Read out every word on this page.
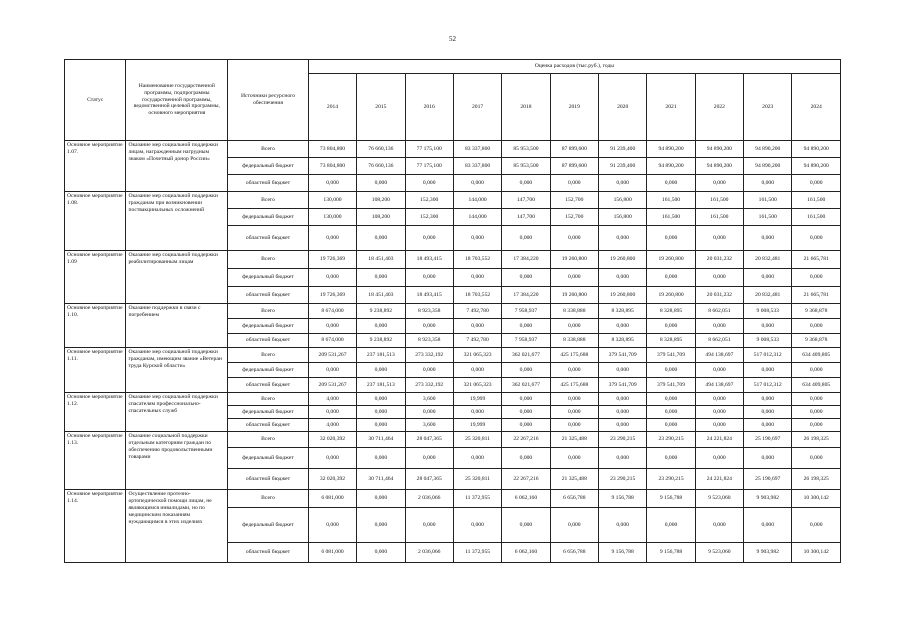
52
Статус	Наименование государственной программы, подпрограммы государственной программы, ведомственной целевой программы, основного мероприятия	Источники ресурсного обеспечения	Оценка расходов (тыс.руб.), годы										
			2014	2015	2016	2017	2018	2019	2020	2021	2022	2023	2024
Основное мероприятие 1.07.	Оказание мер социальной поддержки лицам, награжденным нагрудным знаком «Почетный донор России»	Всего	73 804,800	76 660,136	77 175,100	83 337,800	85 953,500	87 899,600	91 239,400	94 890,200	94 890,200	94 890,200	94 890,200
		федеральный бюджет	73 804,800	76 660,136	77 175,100	83 337,800	85 953,500	87 899,600	91 239,400	94 890,200	94 890,200	94 890,200	94 890,200
		областной бюджет	0,000	0,000	0,000	0,000	0,000	0,000	0,000	0,000	0,000	0,000	0,000
Основное мероприятие 1.08.	Оказание мер социальной поддержки гражданам при возникновении поствакцинальных осложнений	Всего	130,000	108,200	152,300	144,000	147,700	152,700	156,800	161,500	161,500	161,500	161,500
		федеральный бюджет	130,000	108,200	152,300	144,000	147,700	152,700	156,800	161,500	161,500	161,500	161,500
		областной бюджет	0,000	0,000	0,000	0,000	0,000	0,000	0,000	0,000	0,000	0,000	0,000
Основное мероприятие 1.09	Оказание мер социальной поддержки реабилитированным лицам	Всего	19 726,369	18 451,403	18 493,415	18 703,552	17 384,220	19 260,800	19 260,800	19 260,800	20 031,232	20 832,481	21 665,781
		федеральный бюджет	0,000	0,000	0,000	0,000	0,000	0,000	0,000	0,000	0,000	0,000	0,000
		областной бюджет	19 726,369	18 451,403	18 493,415	18 703,552	17 384,220	19 260,800	19 260,800	19 260,800	20 031,232	20 832,481	21 665,781
Основное мероприятие 1.10.	Оказание поддержки в связи с погребением	Всего	8 674,000	9 238,892	8 923,358	7 492,780	7 958,937	8 338,888	8 328,895	8 328,895	8 662,051	9 008,533	9 368,878
		федеральный бюджет	0,000	0,000	0,000	0,000	0,000	0,000	0,000	0,000	0,000	0,000	0,000
		областной бюджет	8 674,000	9 238,892	8 923,358	7 492,780	7 958,937	8 338,888	8 328,895	8 328,895	8 662,051	9 008,533	9 368,878
Основное мероприятие 1.11.	Оказание мер социальной поддержки гражданам, имеющим звание «Ветеран труда Курской области»	Всего	209 531,267	237 181,513	273 332,192	321 065,323	362 021,677	425 175,688	379 541,709	379 541,709	494 138,697	517 012,312	634 409,805
		федеральный бюджет	0,000	0,000	0,000	0,000	0,000	0,000	0,000	0,000	0,000	0,000	0,000
		областной бюджет	209 531,267	237 181,513	273 332,192	321 065,323	362 021,677	425 175,688	379 541,709	379 541,709	494 138,697	517 012,312	634 409,805
Основное мероприятие 1.12.	Оказание мер социальной поддержки спасателям профессионально-спасательных служб	Всего	4,000	0,000	3,600	19,999	0,000	0,000	0,000	0,000	0,000	0,000	0,000
		федеральный бюджет	0,000	0,000	0,000	0,000	0,000	0,000	0,000	0,000	0,000	0,000	0,000
		областной бюджет	4,000	0,000	3,600	19,999	0,000	0,000	0,000	0,000	0,000	0,000	0,000
Основное мероприятие 1.13.	Оказание социальной поддержки отдельным категориям граждан по обеспечению продовольственными товарами	Всего	32 020,392	30 711,464	28 047,365	25 320,811	22 267,216	21 325,488	23 290,215	23 290,215	24 221,824	25 190,697	26 198,325
		федеральный бюджет	0,000	0,000	0,000	0,000	0,000	0,000	0,000	0,000	0,000	0,000	0,000
		областной бюджет	32 020,392	30 711,464	28 047,365	25 320,811	22 267,216	21 325,488	23 290,215	23 290,215	24 221,824	25 190,697	26 198,325
Основное мероприятие 1.14.	Осуществление протезно-ортопедической помощи лицам, не являющимся инвалидами, но по медицинским показаниям нуждающимся в этих изделиях	Всего	6 081,000	0,000	2 036,066	11 372,955	6 062,160	6 656,788	9 156,788	9 156,788	9 523,060	9 903,982	10 300,142
		федеральный бюджет	0,000	0,000	0,000	0,000	0,000	0,000	0,000	0,000	0,000	0,000	0,000
		областной бюджет	6 081,000	0,000	2 036,066	11 372,955	6 062,160	6 656,788	9 156,788	9 156,788	9 523,060	9 903,982	10 300,142
